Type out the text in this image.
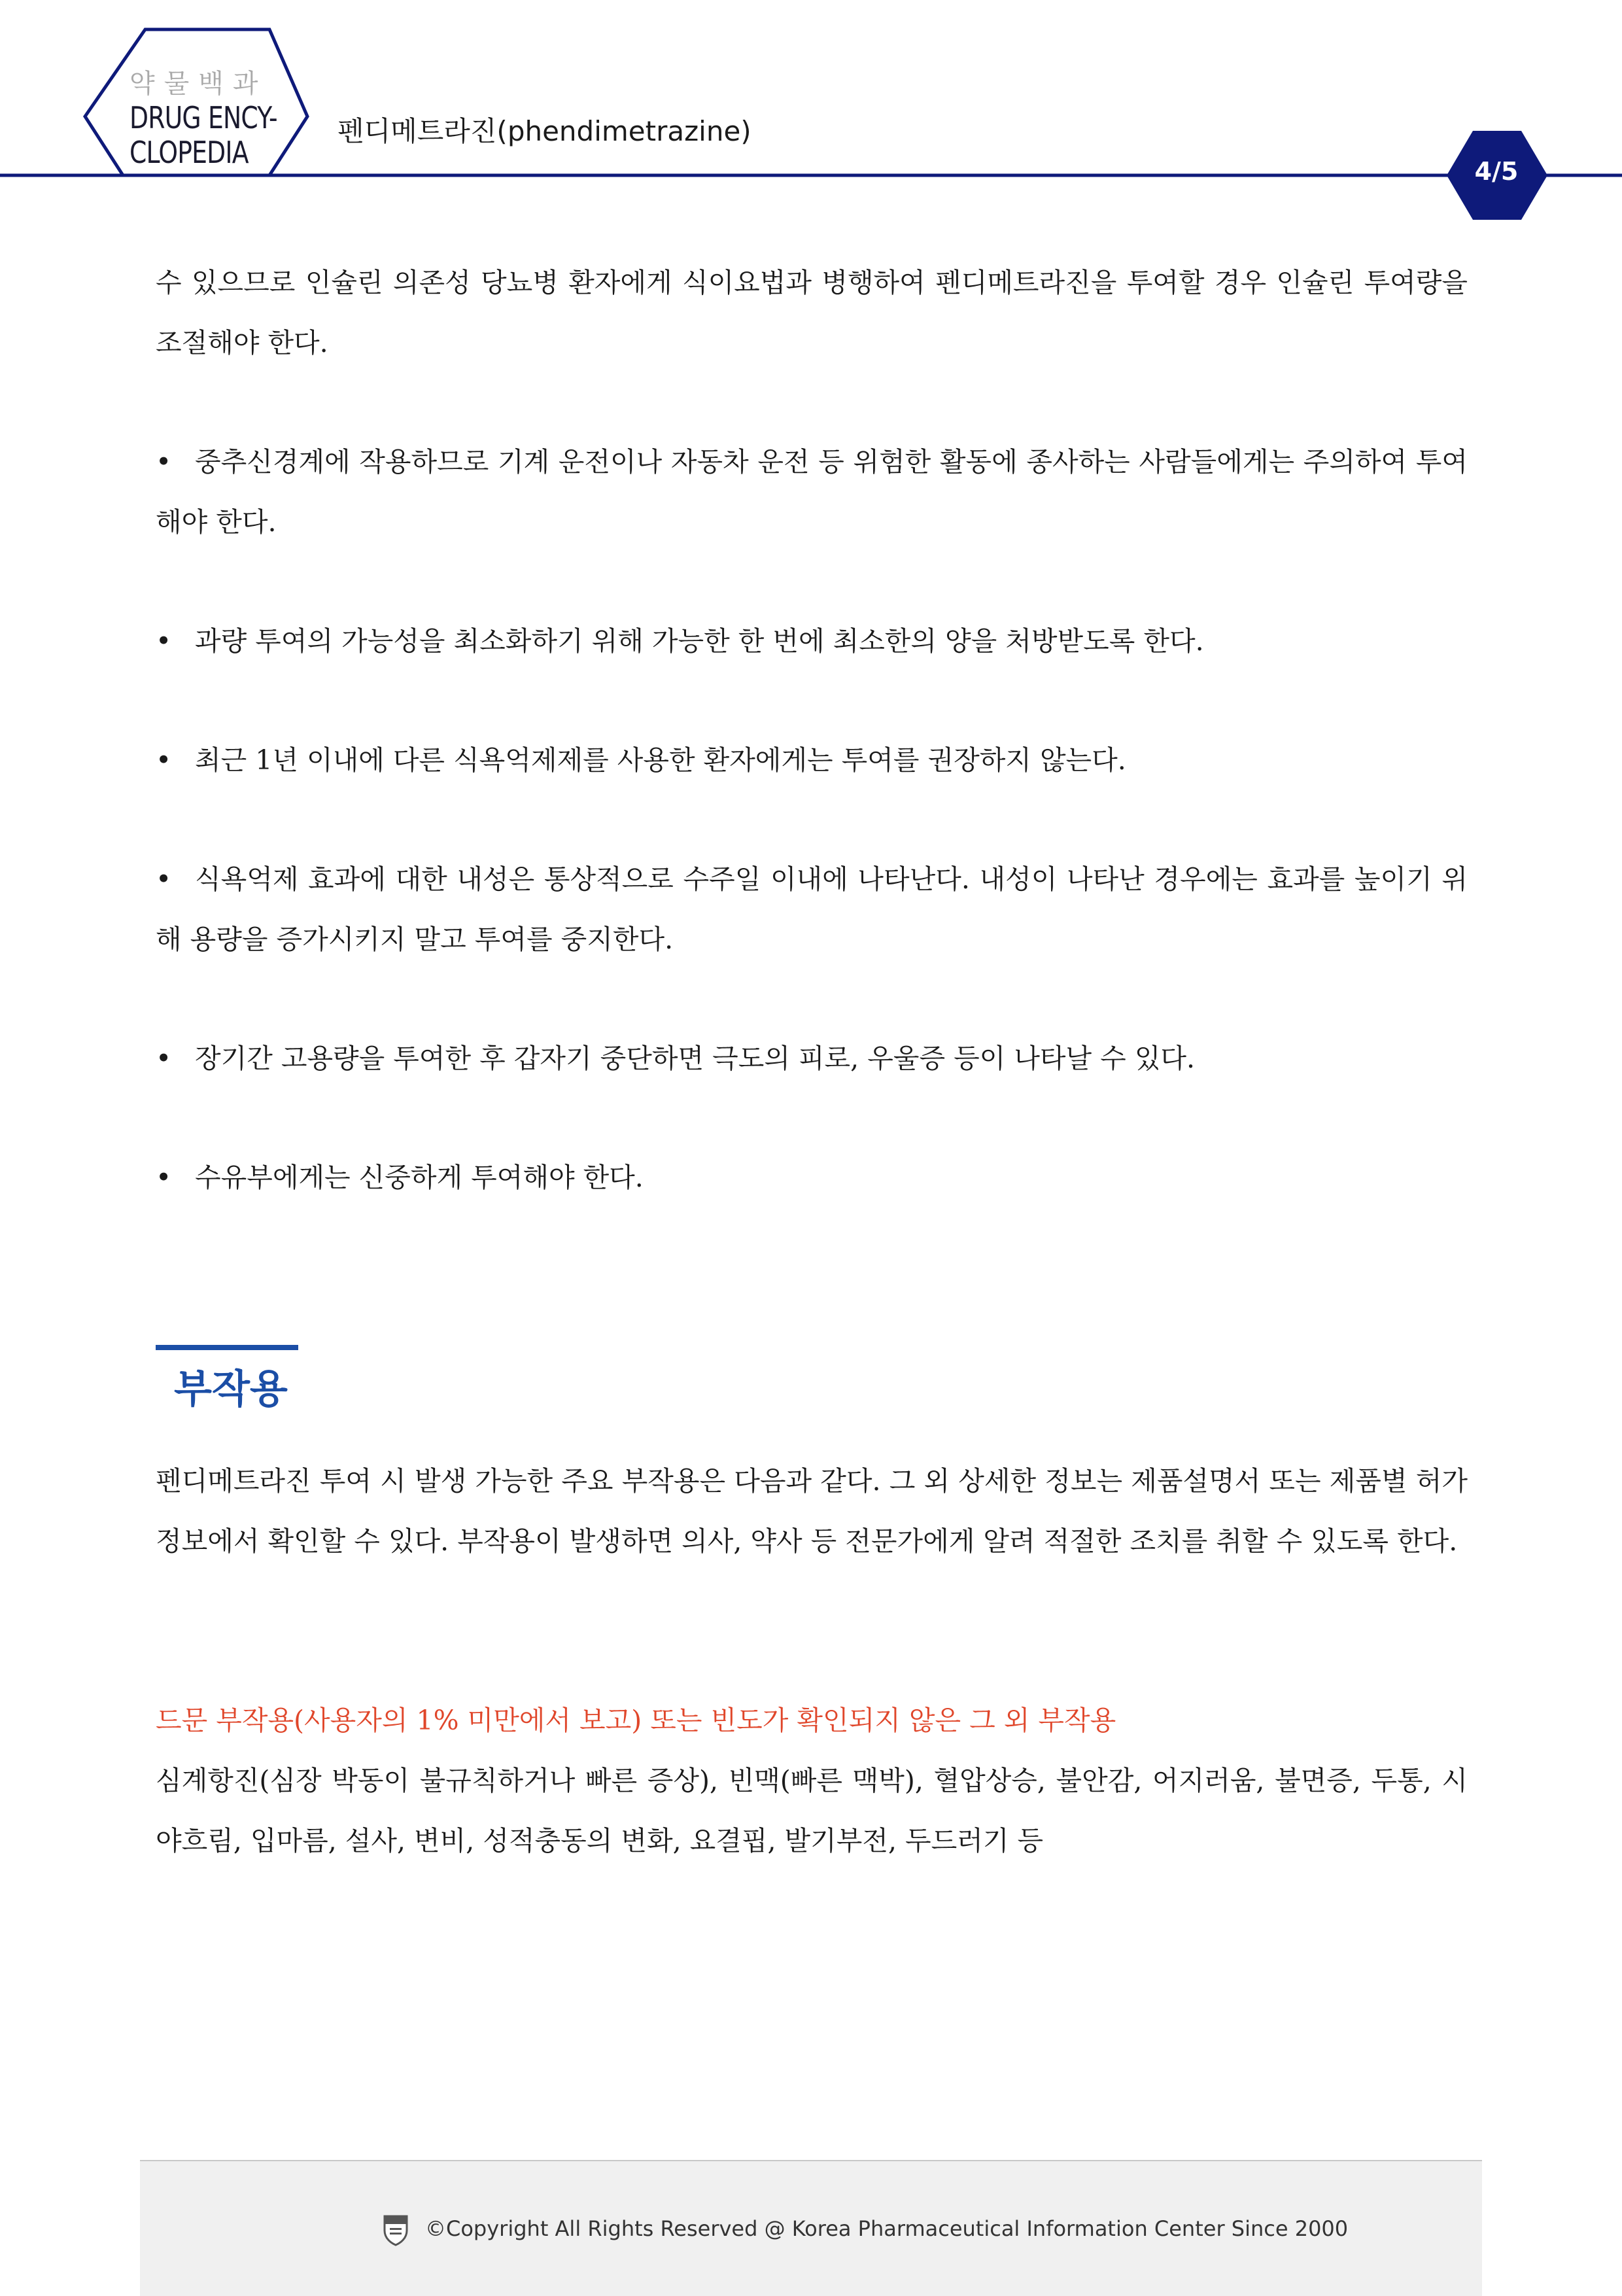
약물백과
DRUG ENCY-
CLOPEDIA
펜디메트라진(phendimetrazine)
4/5
수 있으므로 인슐린 의존성 당뇨병 환자에게 식이요법과 병행하여 펜디메트라진을 투여할 경우 인슐린 투여량을 조절해야 한다.
• 중추신경계에 작용하므로 기계 운전이나 자동차 운전 등 위험한 활동에 종사하는 사람들에게는 주의하여 투여해야 한다.
• 과량 투여의 가능성을 최소화하기 위해 가능한 한 번에 최소한의 양을 처방받도록 한다.
• 최근 1년 이내에 다른 식욕억제제를 사용한 환자에게는 투여를 권장하지 않는다.
• 식욕억제 효과에 대한 내성은 통상적으로 수주일 이내에 나타난다. 내성이 나타난 경우에는 효과를 높이기 위해 용량을 증가시키지 말고 투여를 중지한다.
• 장기간 고용량을 투여한 후 갑자기 중단하면 극도의 피로, 우울증 등이 나타날 수 있다.
• 수유부에게는 신중하게 투여해야 한다.
부작용
펜디메트라진 투여 시 발생 가능한 주요 부작용은 다음과 같다. 그 외 상세한 정보는 제품설명서 또는 제품별 허가정보에서 확인할 수 있다. 부작용이 발생하면 의사, 약사 등 전문가에게 알려 적절한 조치를 취할 수 있도록 한다.
드문 부작용(사용자의 1% 미만에서 보고) 또는 빈도가 확인되지 않은 그 외 부작용
심계항진(심장 박동이 불규칙하거나 빠른 증상), 빈맥(빠른 맥박), 혈압상승, 불안감, 어지러움, 불면증, 두통, 시야흐림, 입마름, 설사, 변비, 성적충동의 변화, 요결핍, 발기부전, 두드러기 등
©Copyright All Rights Reserved @ Korea Pharmaceutical Information Center Since 2000
